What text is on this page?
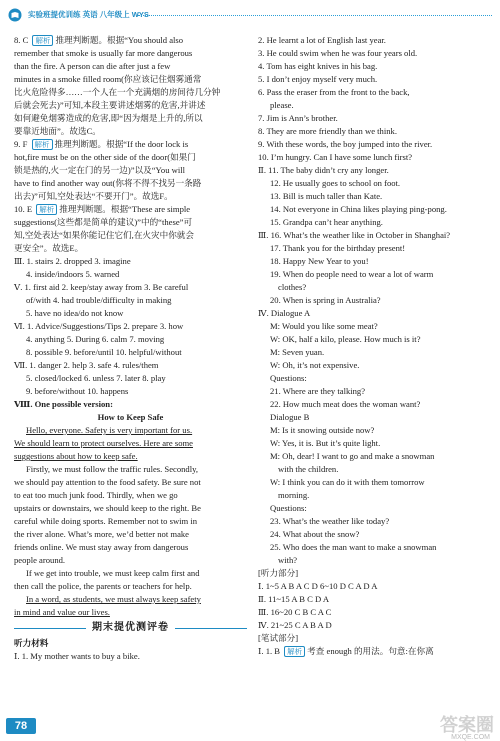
实验班提优训练 英语 八年级上 WYS

8. C 解析 推理判断题。根据“You should also

remember that smoke is usually far more dangerous

than the fire. A person can die after just a few

minutes in a smoke filled room(你应该记住烟雾通常

比火危险得多……一个人在一个充满烟的房间待几分钟

后就会死去)”可知,本段主要讲述烟雾的危害,并讲述

如何避免烟雾造成的危害,即“因为烟是上升的,所以

要靠近地面”。故选C。

9. F 解析 推理判断题。根据“If the door lock is

hot,fire must be on the other side of the door(如果门

锁是热的,火一定在门的另一边)”以及“You will

have to find another way out(你将不得不找另一条路

出去)”可知,空处表达“不要开门”。故选F。

10. E 解析 推理判断题。根据“These are simple

suggestions(这些都是简单的建议)”中的“these”可

知,空处表达“如果你能记住它们,在火灾中你就会

更安全”。故选E。

Ⅲ. 1. stairs 2. dropped 3. imagine

4. inside/indoors 5. warned

Ⅴ. 1. first aid 2. keep/stay away from 3. Be careful

of/with 4. had trouble/difficulty in making

5. have no idea/do not know

Ⅵ. 1. Advice/Suggestions/Tips 2. prepare 3. how

4. anything 5. During 6. calm 7. moving

8. possible 9. before/until 10. helpful/without

Ⅶ. 1. danger 2. help 3. safe 4. rules/them

5. closed/locked 6. unless 7. later 8. play

9. before/without 10. happens

Ⅷ. One possible version:

How to Keep Safe

Hello, everyone. Safety is very important for us.

We should learn to protect ourselves. Here are some

suggestions about how to keep safe.

Firstly, we must follow the traffic rules. Secondly,

we should pay attention to the food safety. Be sure not

to eat too much junk food. Thirdly, when we go

upstairs or downstairs, we should keep to the right. Be

careful while doing sports. Remember not to swim in

the river alone. What’s more, we’d better not make

friends online. We must stay away from dangerous

people around.

If we get into trouble, we must keep calm first and

then call the police, the parents or teachers for help.

In a word, as students, we must always keep safety

in mind and value our lives.

期末提优测评卷

听力材料

Ⅰ. 1. My mother wants to buy a bike.

2. He learnt a lot of English last year.

3. He could swim when he was four years old.

4. Tom has eight knives in his bag.

5. I don’t enjoy myself very much.

6. Pass the eraser from the front to the back,

please.

7. Jim is Ann’s brother.

8. They are more friendly than we think.

9. With these words, the boy jumped into the river.

10. I’m hungry. Can I have some lunch first?

Ⅱ. 11. The baby didn’t cry any longer.

12. He usually goes to school on foot.

13. Bill is much taller than Kate.

14. Not everyone in China likes playing ping-pong.

15. Grandpa can’t hear anything.

Ⅲ. 16. What’s the weather like in October in Shanghai?

17. Thank you for the birthday present!

18. Happy New Year to you!

19. When do people need to wear a lot of warm

clothes?

20. When is spring in Australia?

Ⅳ. Dialogue A

M: Would you like some meat?

W: OK, half a kilo, please. How much is it?

M: Seven yuan.

W: Oh, it’s not expensive.

Questions:

21. Where are they talking?

22. How much meat does the woman want?

Dialogue B

M: Is it snowing outside now?

W: Yes, it is. But it’s quite light.

M: Oh, dear! I want to go and make a snowman

with the children.

W: I think you can do it with them tomorrow

morning.

Questions:

23. What’s the weather like today?

24. What about the snow?

25. Who does the man want to make a snowman

with?

[听力部分]

Ⅰ. 1~5 A B A C D 6~10 D C A D A

Ⅱ. 11~15 A B C D A

Ⅲ. 16~20 C B C A C

Ⅳ. 21~25 C A B A D

[笔试部分]

Ⅰ. 1. B 解析 考查 enough 的用法。句意:在你离

78	答案圈
MXQE.COM
